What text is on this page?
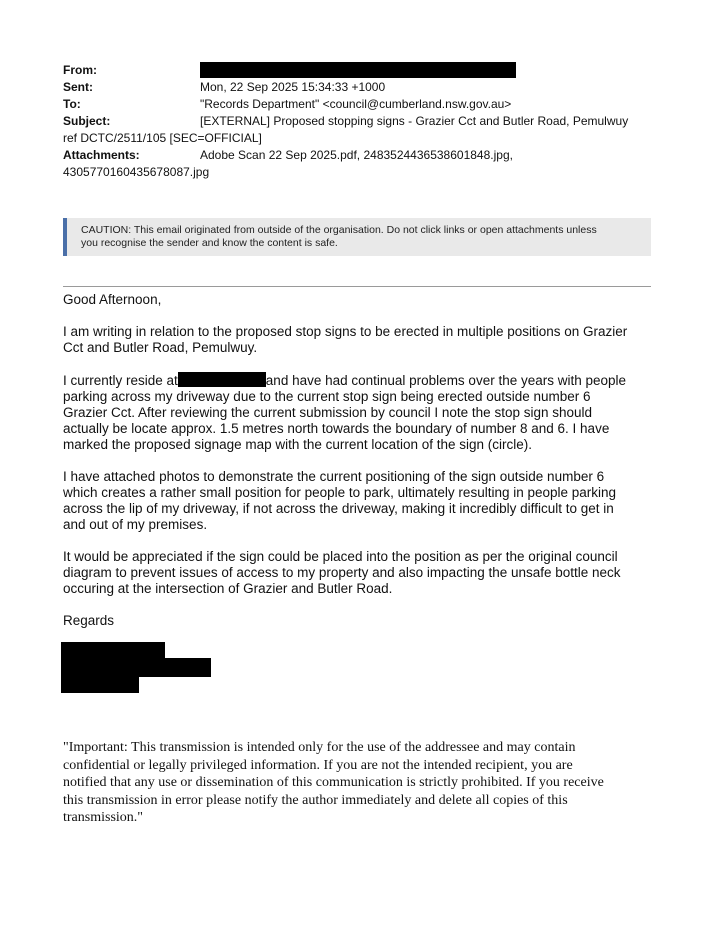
From:
Sent:	Mon, 22 Sep 2025 15:34:33 +1000
To:	"Records Department" <council@cumberland.nsw.gov.au>
Subject:	[EXTERNAL] Proposed stopping signs - Grazier Cct and Butler Road, Pemulwuy
ref DCTC/2511/105 [SEC=OFFICIAL]
Attachments:	Adobe Scan 22 Sep 2025.pdf, 2483524436538601848.jpg,
4305770160435678087.jpg
CAUTION: This email originated from outside of the organisation. Do not click links or open attachments unless
you recognise the sender and know the content is safe.

Good Afternoon,

I am writing in relation to the proposed stop signs to be erected in multiple positions on Grazier
Cct and Butler Road, Pemulwuy.

I currently reside at	and have had continual problems over the years with people
parking across my driveway due to the current stop sign being erected outside number 6
Grazier Cct. After reviewing the current submission by council I note the stop sign should
actually be locate approx. 1.5 metres north towards the boundary of number 8 and 6. I have
marked the proposed signage map with the current location of the sign (circle).

I have attached photos to demonstrate the current positioning of the sign outside number 6
which creates a rather small position for people to park, ultimately resulting in people parking
across the lip of my driveway, if not across the driveway, making it incredibly difficult to get in
and out of my premises.

It would be appreciated if the sign could be placed into the position as per the original council
diagram to prevent issues of access to my property and also impacting the unsafe bottle neck
occuring at the intersection of Grazier and Butler Road.

Regards

"Important: This transmission is intended only for the use of the addressee and may contain
confidential or legally privileged information. If you are not the intended recipient, you are
notified that any use or dissemination of this communication is strictly prohibited. If you receive
this transmission in error please notify the author immediately and delete all copies of this
transmission."
